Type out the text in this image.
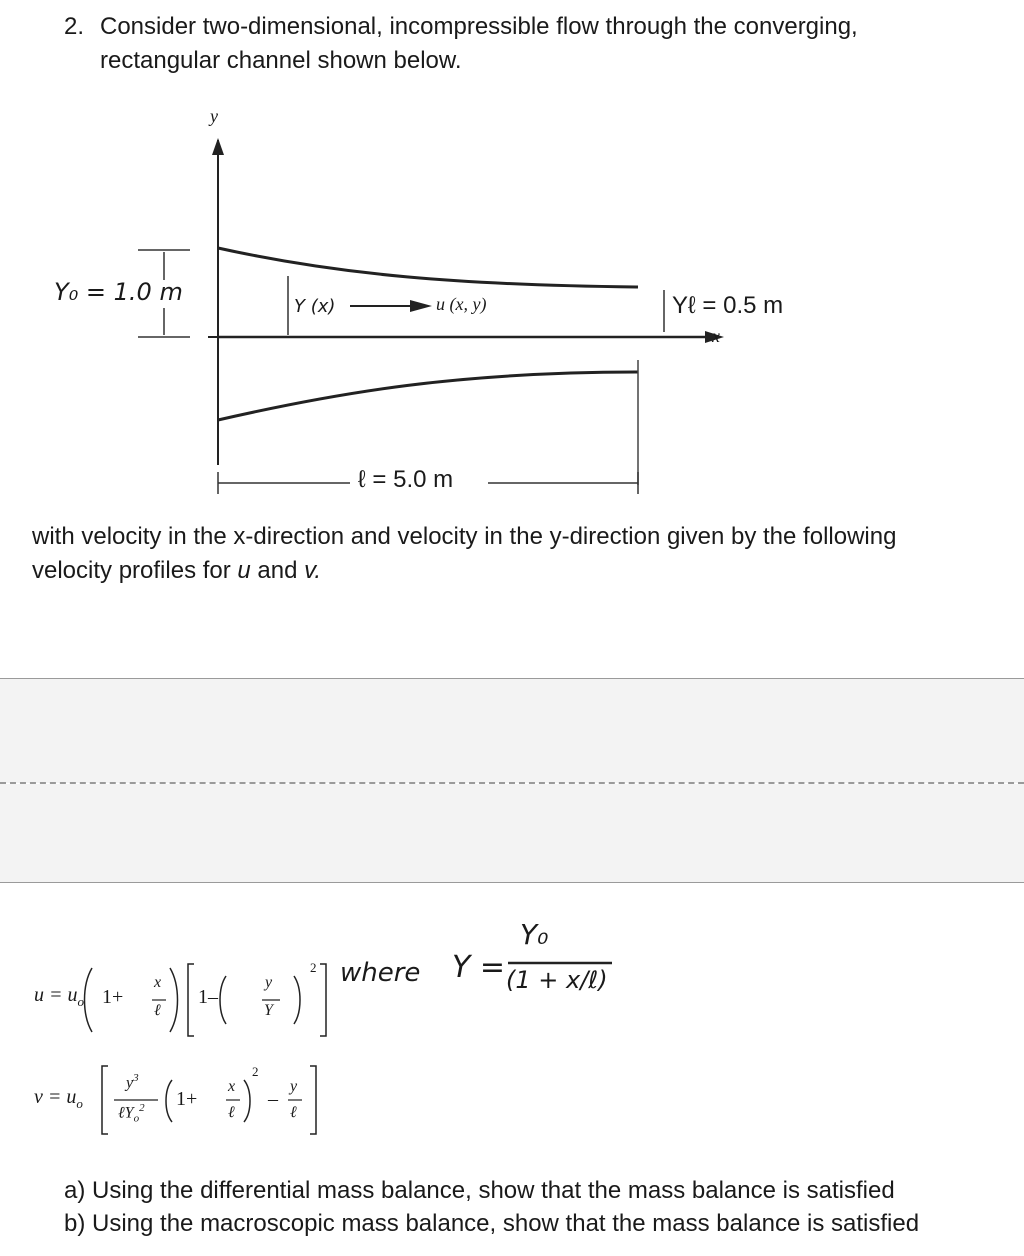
2. Consider two-dimensional, incompressible flow through the converging,
rectangular channel shown below.
y
x
Y₀ = 1.0 m
Y (x)	u (x, y)	Yℓ = 0.5 m
ℓ = 5.0 m
with velocity in the x-direction and velocity in the y-direction given by the following
velocity profiles for u and v.
$u = u_o$ 1+
x
ℓ
1–
y
Y
2
$v = u_o$
$y^3$
ℓY$_o^2$ 1+
x
ℓ
2
–
y
ℓ
where Y =
Y₀
(1 + x/ℓ)
a) Using the differential mass balance, show that the mass balance is satisfied
b) Using the macroscopic mass balance, show that the mass balance is satisfied
